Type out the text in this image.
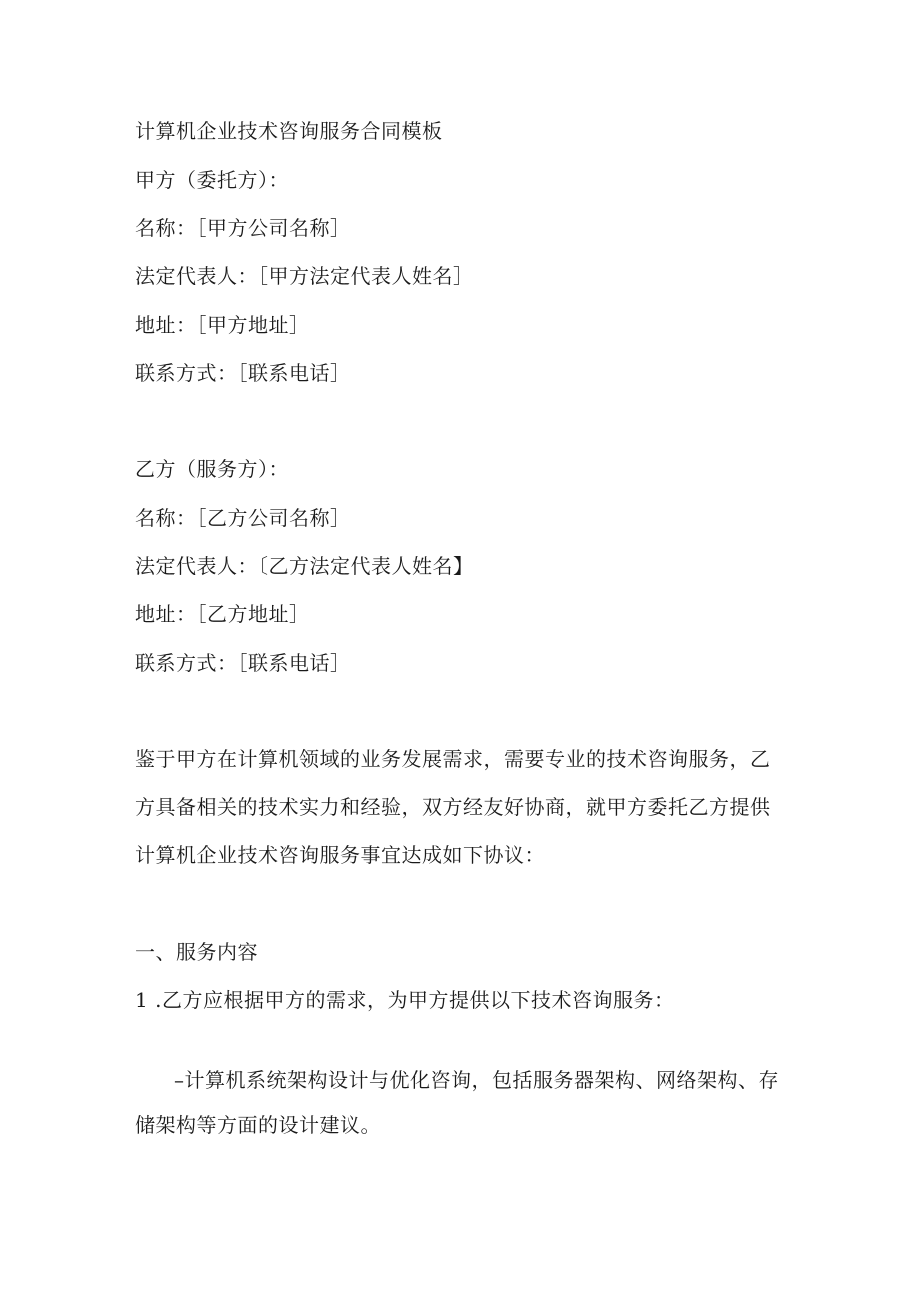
计算机企业技术咨询服务合同模板
甲方（委托方）：
名称：［甲方公司名称］
法定代表人：［甲方法定代表人姓名］
地址：［甲方地址］
联系方式：［联系电话］
乙方（服务方）：
名称：［乙方公司名称］
法定代表人：〔乙方法定代表人姓名】
地址：［乙方地址］
联系方式：［联系电话］
鉴于甲方在计算机领域的业务发展需求，需要专业的技术咨询服务，乙
方具备相关的技术实力和经验，双方经友好协商，就甲方委托乙方提供
计算机企业技术咨询服务事宜达成如下协议：
一、服务内容
1 .乙方应根据甲方的需求，为甲方提供以下技术咨询服务：
–计算机系统架构设计与优化咨询，包括服务器架构、网络架构、存
储架构等方面的设计建议。
